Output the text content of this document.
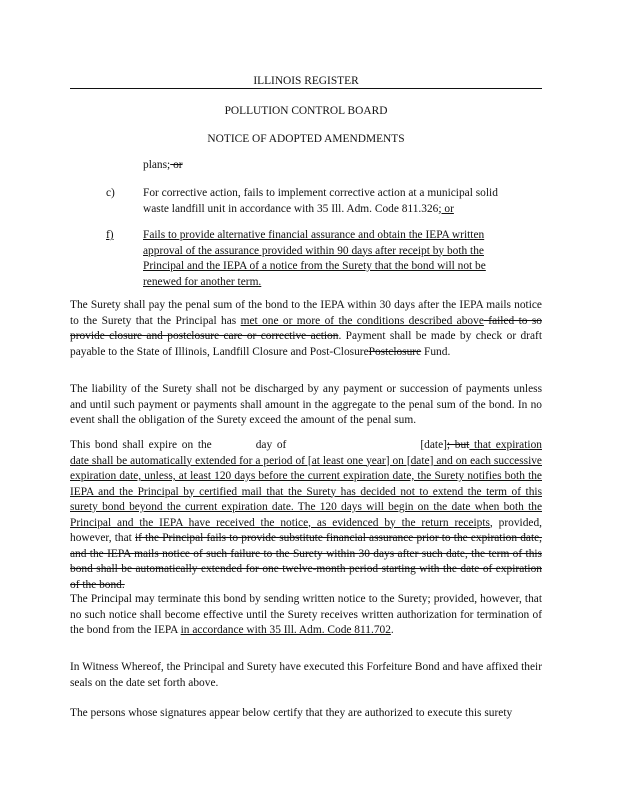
ILLINOIS REGISTER
POLLUTION CONTROL BOARD
NOTICE OF ADOPTED AMENDMENTS
plans; or
c) For corrective action, fails to implement corrective action at a municipal solid waste landfill unit in accordance with 35 Ill. Adm. Code 811.326; or
f)	Fails to provide alternative financial assurance and obtain the IEPA written approval of the assurance provided within 90 days after receipt by both the Principal and the IEPA of a notice from the Surety that the bond will not be renewed for another term.
The Surety shall pay the penal sum of the bond to the IEPA within 30 days after the IEPA mails notice to the Surety that the Principal has met one or more of the conditions described above failed to so provide closure and postclosure care or corrective action. Payment shall be made by check or draft payable to the State of Illinois, Landfill Closure and Post-ClosurePostclosure Fund.
The liability of the Surety shall not be discharged by any payment or succession of payments unless and until such payment or payments shall amount in the aggregate to the penal sum of the bond. In no event shall the obligation of the Surety exceed the amount of the penal sum.
This bond shall expire on the	day of	[date]; but that expiration date shall be automatically extended for a period of [at least one year] on [date] and on each successive expiration date, unless, at least 120 days before the current expiration date, the Surety notifies both the IEPA and the Principal by certified mail that the Surety has decided not to extend the term of this surety bond beyond the current expiration date. The 120 days will begin on the date when both the Principal and the IEPA have received the notice, as evidenced by the return receipts, provided, however, that if the Principal fails to provide substitute financial assurance prior to the expiration date, and the IEPA mails notice of such failure to the Surety within 30 days after such date, the term of this bond shall be automatically extended for one twelve-month period starting with the date of expiration of the bond.
The Principal may terminate this bond by sending written notice to the Surety; provided, however, that no such notice shall become effective until the Surety receives written authorization for termination of the bond from the IEPA in accordance with 35 Ill. Adm. Code 811.702.
In Witness Whereof, the Principal and Surety have executed this Forfeiture Bond and have affixed their seals on the date set forth above.
The persons whose signatures appear below certify that they are authorized to execute this surety
